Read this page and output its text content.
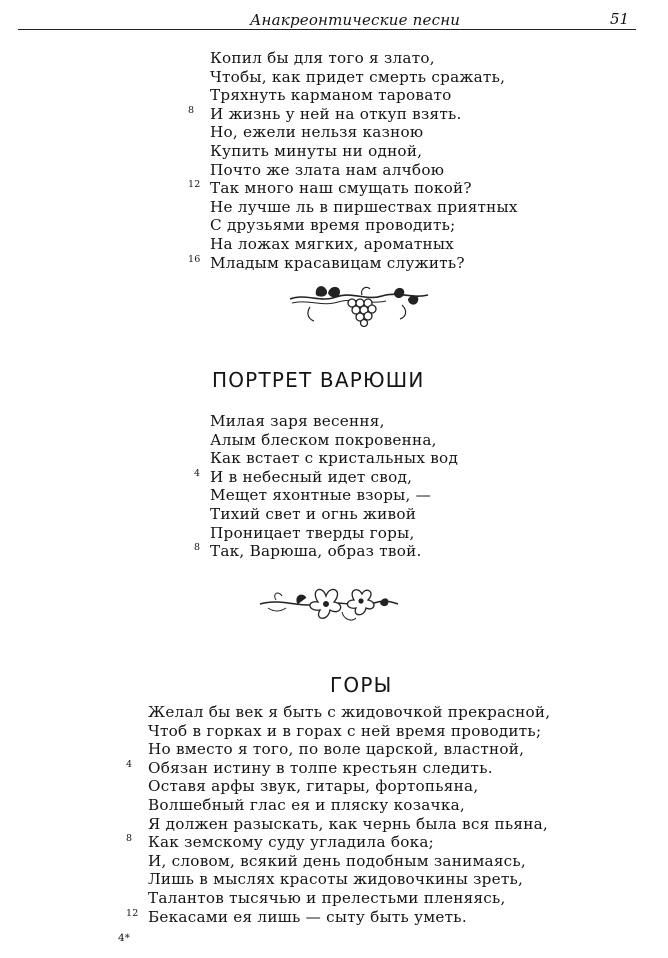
Анакреонтические песни	51
Копил бы для того я злато,
Чтобы, как придет смерть сражать,
Тряхнуть карманом таровато
И жизнь у ней на откуп взять.
8
Но, ежели нельзя казною
Купить минуты ни одной,
Почто же злата нам алчбою
Так много наш смущать покой?
12
Не лучше ль в пиршествах приятных
С друзьями время проводить;
На ложах мягких, ароматных
Младым красавицам служить?
16
ПОРТРЕТ ВАРЮШИ
Милая заря весення,
Алым блеском покровенна,
Как встает с кристальных вод
И в небесный идет свод,
4
Мещет яхонтные взоры, —
Тихий свет и огнь живой
Проницает тверды горы,
Так, Варюша, образ твой.
8
ГОРЫ
Желал бы век я быть с жидовочкой прекрасной,
Чтоб в горках и в горах с ней время проводить;
Но вместо я того, по воле царской, властной,
Обязан истину в толпе крестьян следить.
4
Оставя арфы звук, гитары, фортопьяна,
Волшебный глас ея и пляску козачка,
Я должен разыскать, как чернь была вся пьяна,
Как земскому суду угладила бока;
8
И, словом, всякий день подобным занимаясь,
Лишь в мыслях красоты жидовочкины зреть,
Талантов тысячью и прелестьми пленяясь,
Бекасами ея лишь — сыту быть уметь.
12
4*
